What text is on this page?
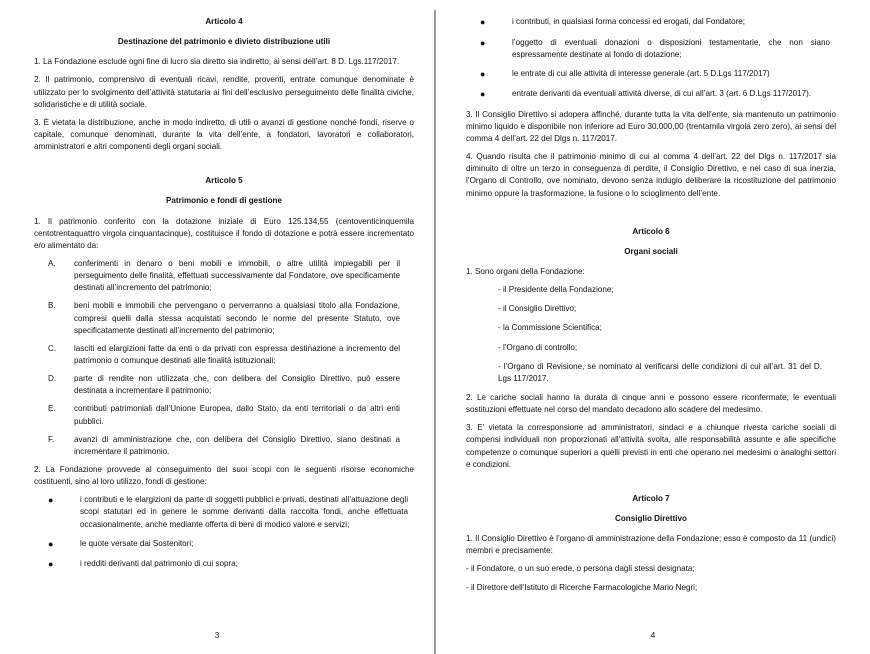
Articolo 4
Destinazione del patrimonio e divieto distribuzione utili

1. La Fondazione esclude ogni fine di lucro sia diretto sia indiretto, ai sensi dell’art. 8 D. Lgs.117/2017.

2. Il patrimonio, comprensivo di eventuali ricavi, rendite, proventi, entrate comunque denominate è utilizzato per lo svolgimento dell’attività statutaria ai fini dell’esclusivo perseguimento delle finalità civiche, solidaristiche e di utilità sociale.

3. È vietata la distribuzione, anche in modo indiretto, di utili o avanzi di gestione nonché fondi, riserve o capitale, comunque denominati, durante la vita dell’ente, a fondatori, lavoratori e collaboratori, amministratori e altri componenti degli organi sociali.

Articolo 5
Patrimonio e fondi di gestione

1. Il patrimonio conferito con la dotazione iniziale di Euro 125.134,55 (centoventicinquemila centotrentaquattro virgola cinquantacinque), costituisce il fondo di dotazione e potrà essere incrementato e/o alimentato da:

A.	conferimenti in denaro o beni mobili e immobili, o altre utilità impiegabili per il perseguimento delle finalità, effettuati successivamente dal Fondatore, ove specificamente destinati all’incremento del patrimonio;
B.	beni mobili e immobili che pervengano o perverranno a qualsiasi titolo alla Fondazione, compresi quelli dalla stessa acquistati secondo le norme del presente Statuto, ove specificatamente destinati all’incremento del patrimonio;
C.	lasciti ed elargizioni fatte da enti o da privati con espressa destinazione a incremento del patrimonio o comunque destinati alle finalità istituzionali;
D.	parte di rendite non utilizzata che, con delibera del Consiglio Direttivo, può essere destinata a incrementare il patrimonio;
E.	contributi patrimoniali dall’Unione Europea, dallo Stato, da enti territoriali o da altri enti pubblici.
F.	avanzi di amministrazione che, con delibera del Consiglio Direttivo, siano destinati a incrementare il patrimonio.

2. La Fondazione provvede al conseguimento dei suoi scopi con le seguenti risorse economiche costituenti, sino al loro utilizzo, fondi di gestione:

●	i contributi e le elargizioni da parte di soggetti pubblici e privati, destinati all’attuazione degli scopi statutari ed in genere le somme derivanti dalla raccolta fondi, anche effettuata occasionalmente, anche mediante offerta di beni di modico valore e servizi;
●	le quote versate dai Sostenitori;
●	i redditi derivanti dal patrimonio di cui sopra;
3
●	i contributi, in qualsiasi forma concessi ed erogati, dal Fondatore;
●	l’oggetto di eventuali donazioni o disposizioni testamentarie, che non siano espressamente destinate al fondo di dotazione;
●	le entrate di cui alle attività di interesse generale (art. 5 D.Lgs 117/2017)
●	entrate derivanti da eventuali attività diverse, di cui all’art. 3 (art. 6 D.Lgs 117/2017).

3. Il Consiglio Direttivo si adopera affinché, durante tutta la vita dell’ente, sia mantenuto un patrimonio minimo liquido e disponibile non inferiore ad Euro 30.000,00 (trentamila virgola zero zero), ai sensi del comma 4 dell’art. 22 del Dlgs n. 117/2017.

4. Quando risulta che il patrimonio minimo di cui al comma 4 dell’art. 22 del Dlgs n. 117/2017 sia diminuito di oltre un terzo in conseguenza di perdite, il Consiglio Direttivo, e nel caso di sua inerzia, l’Organo di Controllo, ove nominato, devono senza indugio deliberare la ricostituzione del patrimonio minimo oppure la trasformazione, la fusione o lo scioglimento dell’ente.

Articolo 6
Organi sociali

1. Sono organi della Fondazione:

- il Presidente della Fondazione;
- il Consiglio Direttivo;
- la Commissione Scientifica;
- l’Organo di controllo;
- l’Organo di Revisione, se nominato al verificarsi delle condizioni di cui all’art. 31 del D. Lgs 117/2017.

2. Le cariche sociali hanno la durata di cinque anni e possono essere riconfermate; le eventuali sostituzioni effettuate nel corso del mandato decadono allo scadere del medesimo.

3. E’ vietata la corresponsione ad amministratori, sindaci e a chiunque rivesta cariche sociali di compensi individuali non proporzionati all’attività svolta, alle responsabilità assunte e alle specifiche competenze o comunque superiori a quelli previsti in enti che operano nei medesimi o analoghi settori e condizioni.

Articolo 7
Consiglio Direttivo

1. Il Consiglio Direttivo è l’organo di amministrazione della Fondazione; esso è composto da 11 (undici) membri e precisamente:

- il Fondatore, o un suo erede, o persona dagli stessi designata;

- il Direttore dell’Istituto di Ricerche Farmacologiche Mario Negri;

4
